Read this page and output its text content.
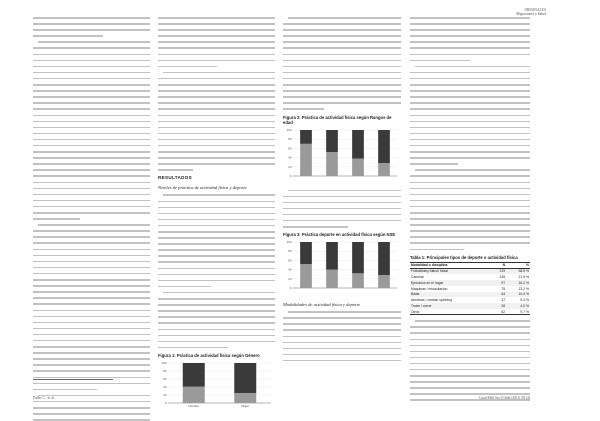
ORIGINALES
Migraciones y Salud
RESULTADOS
Niveles de práctica de actividad física y deporte
Figura 1: Práctica de actividad física según Género
0
20
40
60
80
100
Hombre	Mujer
Figura 2: Práctica de actividad física según Rangos de edad
0
20
40
60
80
100
Figura 3: Práctica deporte en actividad física según NSE
0
20
40
60
80
100
Modalidades de actividad física y deporte
Tabla 1: Principales tipos de deporte o actividad física
Modalidad o disciplina	N	%
Fútbol/baby fútbol/ futsal	219	38.5 %
Caminar	126	21.9 %
Ejercicios en el hogar	97	16.2 %
Maquinas / musculación	75	13.2 %
Bailar	64	10.4 %
Aeróbica / zumba/ spinning	37	5.3 %
Trotar / correr	28	4.0 %
Otros	62	9.7 %
Fuller C., et al.	Cuad Méd Soc (Chile) 2018, 58 (4)
